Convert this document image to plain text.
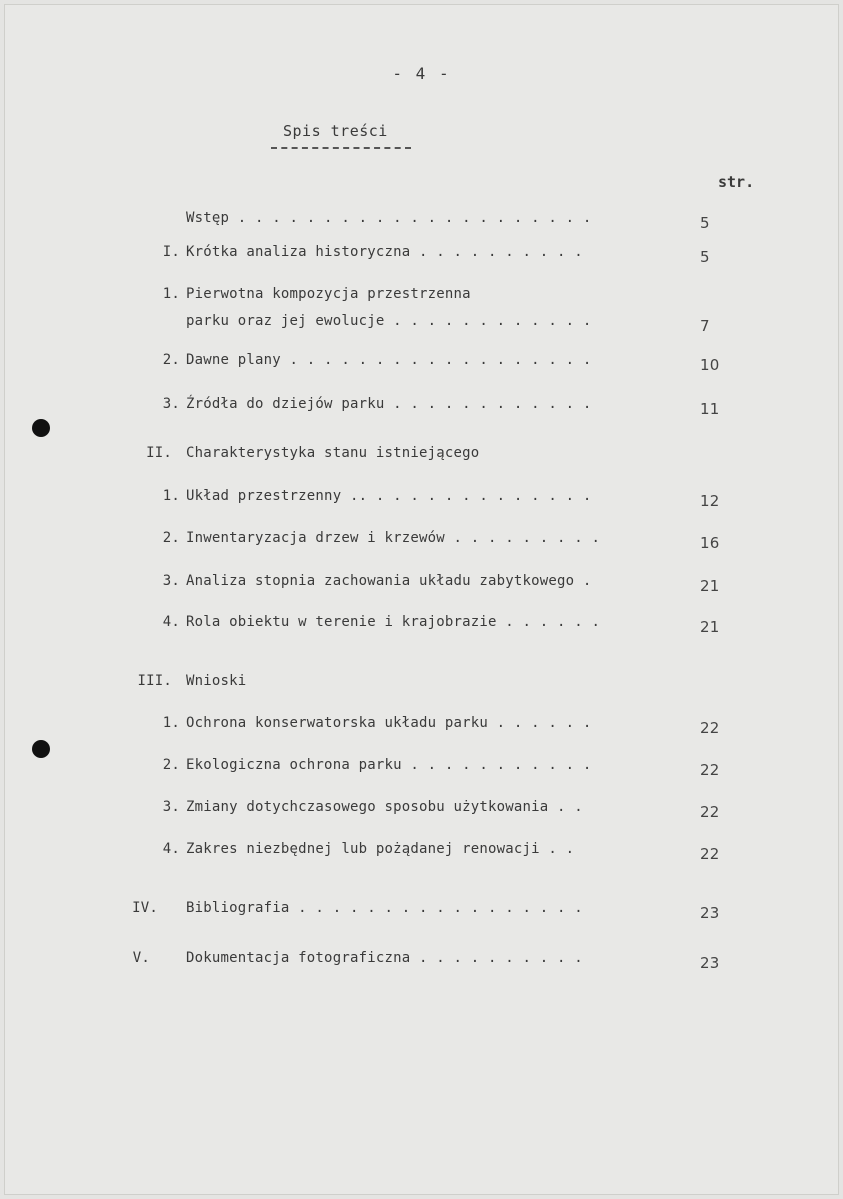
- 4 -
Spis treści
str.
Wstęp . . . . . . . . . . . . . . . . . . . . .	5
I. Krótka analiza historyczna . . . . . . . . . .	5
1. Pierwotna kompozycja przestrzenna
parku oraz jej ewolucje . . . . . . . . . . . .	7
2. Dawne plany . . . . . . . . . . . . . . . . . .	10
3. Źródła do dziejów parku . . . . . . . . . . . .	11
II. Charakterystyka stanu istniejącego
1. Układ przestrzenny .. . . . . . . . . . . . . .	12
2. Inwentaryzacja drzew i krzewów . . . . . . . . .	16
3. Analiza stopnia zachowania układu zabytkowego .	21
4. Rola obiektu w terenie i krajobrazie . . . . . .	21
III. Wnioski
1. Ochrona konserwatorska układu parku . . . . . .	22
2. Ekologiczna ochrona parku . . . . . . . . . . .	22
3. Zmiany dotychczasowego sposobu użytkowania . .	22
4. Zakres niezbędnej lub pożądanej renowacji . .	22
IV. Bibliografia . . . . . . . . . . . . . . . . .	23
V.	Dokumentacja fotograficzna . . . . . . . . . .	23
